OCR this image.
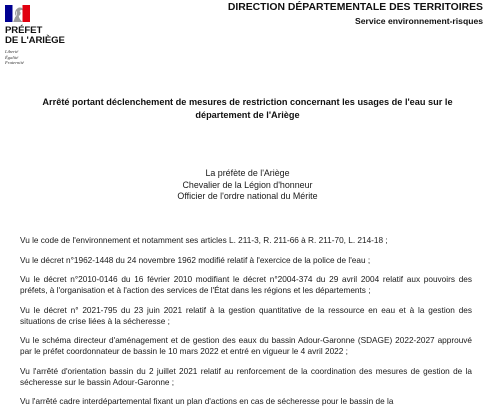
PRÉFET
DE L'ARIÈGE
Liberté
Égalité
Fraternité
DIRECTION DÉPARTEMENTALE DES TERRITOIRES
Service environnement-risques
Arrêté portant déclenchement de mesures de restriction concernant les usages de l'eau sur le département de l'Ariège
La préfète de l'Ariège
Chevalier de la Légion d'honneur
Officier de l'ordre national du Mérite

Vu le code de l'environnement et notamment ses articles L. 211-3, R. 211-66 à R. 211-70, L. 214-18 ;

Vu le décret n°1962-1448 du 24 novembre 1962 modifié relatif à l'exercice de la police de l'eau ;

Vu le décret n°2010-0146 du 16 février 2010 modifiant le décret n°2004-374 du 29 avril 2004 relatif aux pouvoirs des préfets, à l'organisation et à l'action des services de l'État dans les régions et les départements ;

Vu le décret n° 2021-795 du 23 juin 2021 relatif à la gestion quantitative de la ressource en eau et à la gestion des situations de crise liées à la sécheresse ;

Vu le schéma directeur d'aménagement et de gestion des eaux du bassin Adour-Garonne (SDAGE) 2022-2027 approuvé par le préfet coordonnateur de bassin le 10 mars 2022 et entré en vigueur le 4 avril 2022 ;

Vu l'arrêté d'orientation bassin du 2 juillet 2021 relatif au renforcement de la coordination des mesures de gestion de la sécheresse sur le bassin Adour-Garonne ;

Vu l'arrêté cadre interdépartemental fixant un plan d'actions en cas de sécheresse pour le bassin de la
